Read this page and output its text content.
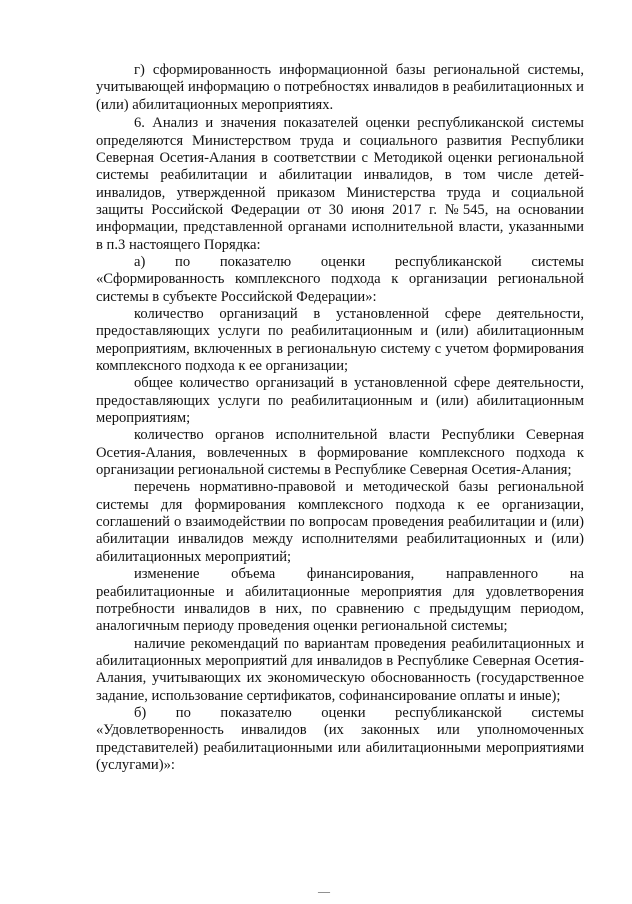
г) сформированность информационной базы региональной системы, учитывающей информацию о потребностях инвалидов в реабилитационных и (или) абилитационных мероприятиях.

6. Анализ и значения показателей оценки республиканской системы определяются Министерством труда и социального развития Республики Северная Осетия-Алания в соответствии с Методикой оценки региональной системы реабилитации и абилитации инвалидов, в том числе детей-инвалидов, утвержденной приказом Министерства труда и социальной защиты Российской Федерации от 30 июня 2017 г. №545, на основании информации, представленной органами исполнительной власти, указанными в п.3 настоящего Порядка:

а) по показателю оценки республиканской системы «Сформированность комплексного подхода к организации региональной системы в субъекте Российской Федерации»:

количество организаций в установленной сфере деятельности, предоставляющих услуги по реабилитационным и (или) абилитационным мероприятиям, включенных в региональную систему с учетом формирования комплексного подхода к ее организации;

общее количество организаций в установленной сфере деятельности, предоставляющих услуги по реабилитационным и (или) абилитационным мероприятиям;

количество органов исполнительной власти Республики Северная Осетия-Алания, вовлеченных в формирование комплексного подхода к организации региональной системы в Республике Северная Осетия-Алания;

перечень нормативно-правовой и методической базы региональной системы для формирования комплексного подхода к ее организации, соглашений о взаимодействии по вопросам проведения реабилитации и (или) абилитации инвалидов между исполнителями реабилитационных и (или) абилитационных мероприятий;

изменение объема финансирования, направленного на реабилитационные и абилитационные мероприятия для удовлетворения потребности инвалидов в них, по сравнению с предыдущим периодом, аналогичным периоду проведения оценки региональной системы;

наличие рекомендаций по вариантам проведения реабилитационных и абилитационных мероприятий для инвалидов в Республике Северная Осетия-Алания, учитывающих их экономическую обоснованность (государственное задание, использование сертификатов, софинансирование оплаты и иные);

б) по показателю оценки республиканской системы «Удовлетворенность инвалидов (их законных или уполномоченных представителей) реабилитационными или абилитационными мероприятиями (услугами)»:

—
